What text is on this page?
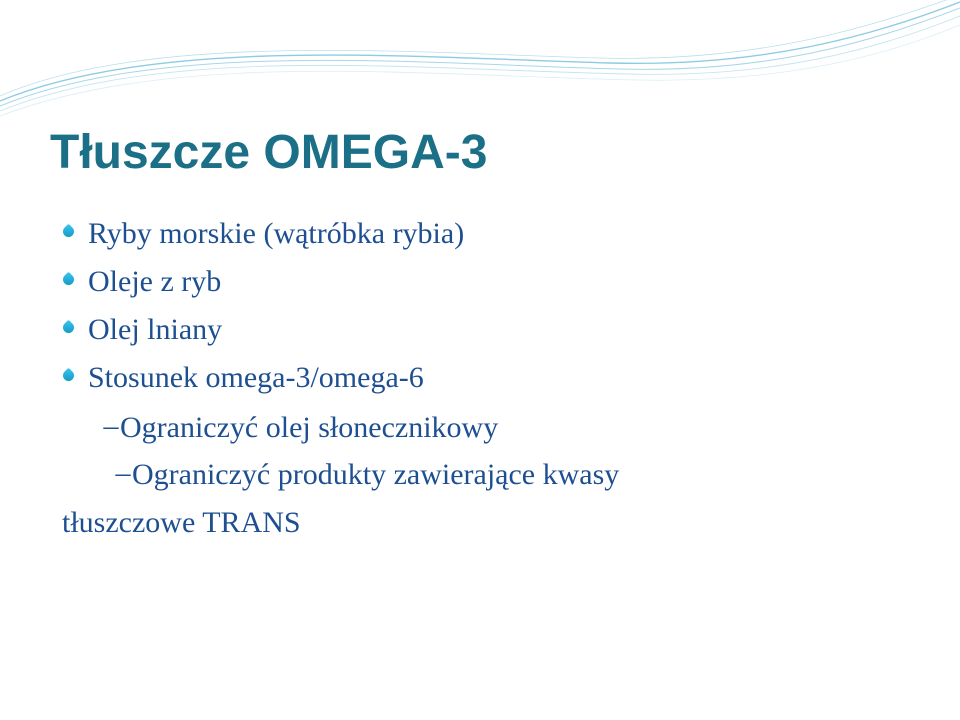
Tłuszcze OMEGA-3
Ryby morskie (wątróbka rybia)
Oleje z ryb
Olej lniany
Stosunek omega-3/omega-6
–Ograniczyć olej słonecznikowy
–Ograniczyć produkty zawierające kwasy
tłuszczowe TRANS
